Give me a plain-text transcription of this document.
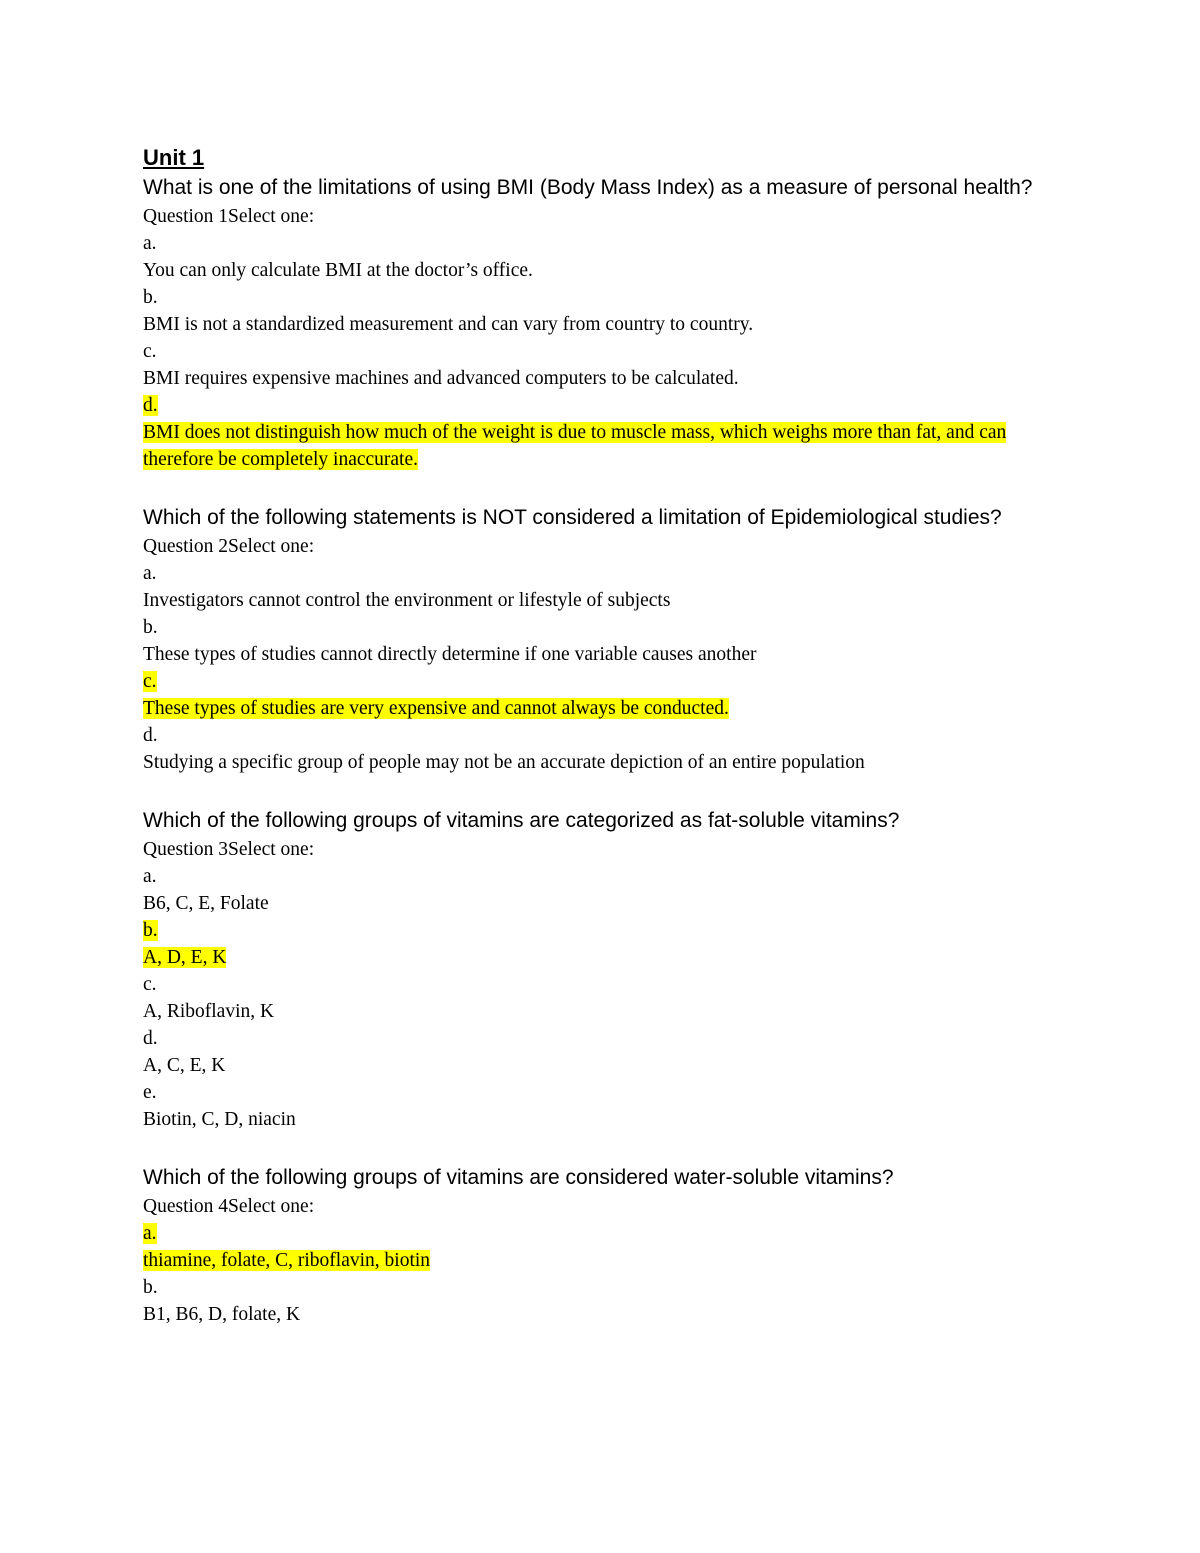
Unit 1

What is one of the limitations of using BMI (Body Mass Index) as a measure of personal health?

Question 1Select one:

a.

You can only calculate BMI at the doctor’s office.

b.

BMI is not a standardized measurement and can vary from country to country.

c.

BMI requires expensive machines and advanced computers to be calculated.

d.

BMI does not distinguish how much of the weight is due to muscle mass, which weighs more than fat, and can therefore be completely inaccurate.

Which of the following statements is NOT considered a limitation of Epidemiological studies?

Question 2Select one:

a.

Investigators cannot control the environment or lifestyle of subjects

b.

These types of studies cannot directly determine if one variable causes another

c.

These types of studies are very expensive and cannot always be conducted.

d.

Studying a specific group of people may not be an accurate depiction of an entire population

Which of the following groups of vitamins are categorized as fat-soluble vitamins?

Question 3Select one:

a.

B6, C, E, Folate

b.

A, D, E, K

c.

A, Riboflavin, K

d.

A, C, E, K

e.

Biotin, C, D, niacin

Which of the following groups of vitamins are considered water-soluble vitamins?

Question 4Select one:

a.

thiamine, folate, C, riboflavin, biotin

b.

B1, B6, D, folate, K
